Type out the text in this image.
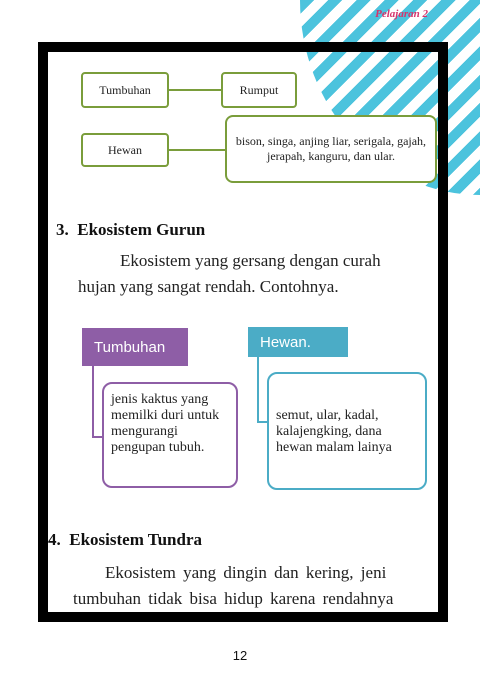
Pelajaran 2
Tumbuhan	Rumput
Hewan
bison, singa, anjing liar, serigala, gajah, jerapah, kanguru, dan ular.
3. Ekosistem Gurun
Ekosistem yang gersang dengan curah
hujan yang sangat rendah. Contohnya.
Tumbuhan
jenis kaktus yang memilki duri untuk mengurangi pengupan tubuh.
Hewan.
semut, ular, kadal, kalajengking, dana hewan malam lainya
4. Ekosistem Tundra
Ekosistem yang dingin dan kering, jeni
tumbuhan tidak bisa hidup karena rendahnya
12
